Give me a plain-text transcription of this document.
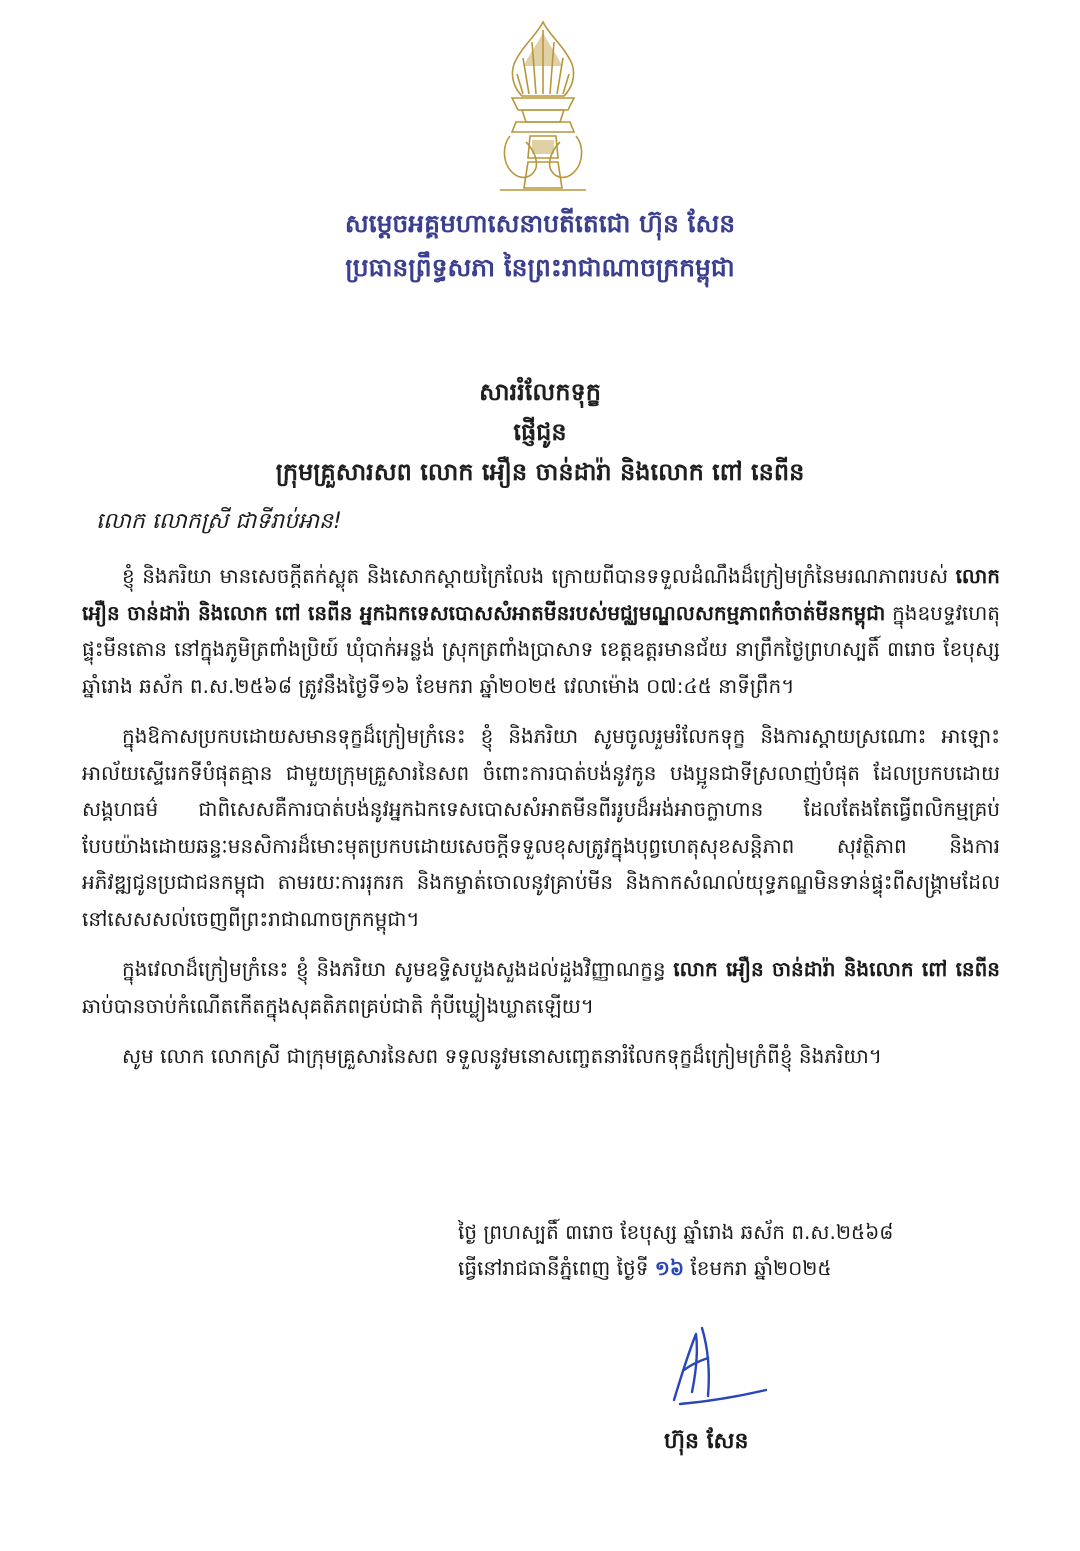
សម្តេចអគ្គមហាសេនាបតីតេជោ ហ៊ុន សែន
ប្រធានព្រឹទ្ធសភា នៃព្រះរាជាណាចក្រកម្ពុជា
សាររំលែកទុក្ខ
ផ្ញើជូន
ក្រុមគ្រួសារសព លោក អឿន ចាន់ដារ៉ា និងលោក ពៅ នេពីន
លោក លោកស្រី ជាទីរាប់អាន!

ខ្ញុំ និងភរិយា មានសេចក្តីតក់ស្លុត និងសោកស្តាយក្រៃលែង ក្រោយពីបានទទួលដំណឹងដ៏ក្រៀមក្រំនៃមរណភាពរបស់ លោក អឿន ចាន់ដារ៉ា និងលោក ពៅ នេពីន អ្នកឯកទេសបោសសំអាតមីនរបស់មជ្ឈមណ្ឌលសកម្មភាពកំចាត់មីនកម្ពុជា ក្នុងឧបទ្ទវហេតុផ្ទុះមីនតោន នៅក្នុងភូមិត្រពាំងប្រិយ៍ ឃុំបាក់អន្លង់ ស្រុកត្រពាំងប្រាសាទ ខេត្តឧត្តរមានជ័យ នាព្រឹកថ្ងៃព្រហស្បតិ៍ ៣រោច ខែបុស្ស ឆ្នាំរោង ឆស័ក ព.ស.២៥៦៨ ត្រូវនឹងថ្ងៃទី១៦ ខែមករា ឆ្នាំ២០២៥ វេលាម៉ោង ០៧:៤៥ នាទីព្រឹក។

ក្នុងឱកាសប្រកបដោយសមានទុក្ខដ៏ក្រៀមក្រំនេះ ខ្ញុំ និងភរិយា សូមចូលរួមរំលែកទុក្ខ និងការស្តាយស្រណោះ អាឡោះអាល័យស្ទើរេកទីបំផុតគ្មាន ជាមួយក្រុមគ្រួសារនៃសព ចំពោះការបាត់បង់នូវកូន បងប្អូនជាទីស្រលាញ់បំផុត ដែលប្រកបដោយសង្គហធម៌ ជាពិសេសគឺការបាត់បង់នូវអ្នកឯកទេសបោសសំអាតមីនពីររូបដ៏អង់អាចក្លាហាន ដែលតែងតែធ្វើពលិកម្មគ្រប់បែបយ៉ាងដោយឆន្ទៈមនសិការដ៏មោះមុតប្រកបដោយសេចក្តីទទួលខុសត្រូវក្នុងបុព្វហេតុសុខសន្តិភាព សុវត្ថិភាព និងការអភិវឌ្ឍជូនប្រជាជនកម្ពុជា តាមរយៈការរុករក និងកម្ចាត់ចោលនូវគ្រាប់មីន និងកាកសំណល់យុទ្ធភណ្ឌមិនទាន់ផ្ទុះពីសង្គ្រាមដែលនៅសេសសល់ចេញពីព្រះរាជាណាចក្រកម្ពុជា។

ក្នុងវេលាដ៏ក្រៀមក្រំនេះ ខ្ញុំ និងភរិយា សូមឧទ្ទិសបួងសួងដល់ដួងវិញ្ញាណក្ខន្ធ លោក អឿន ចាន់ដារ៉ា និងលោក ពៅ នេពីន ឆាប់បានចាប់កំណើតកើតក្នុងសុគតិភពគ្រប់ជាតិ កុំបីឃ្លៀងឃ្លាតឡើយ។

សូម លោក លោកស្រី ជាក្រុមគ្រួសារនៃសព ទទួលនូវមនោសញ្ចេតនារំលែកទុក្ខដ៏ក្រៀមក្រំពីខ្ញុំ និងភរិយា។

ថ្ងៃ ព្រហស្បតិ៍ ៣រោច ខែបុស្ស ឆ្នាំរោង ឆស័ក ព.ស.២៥៦៨
ធ្វើនៅរាជធានីភ្នំពេញ ថ្ងៃទី ១៦ ខែមករា ឆ្នាំ២០២៥
ហ៊ុន សែន
